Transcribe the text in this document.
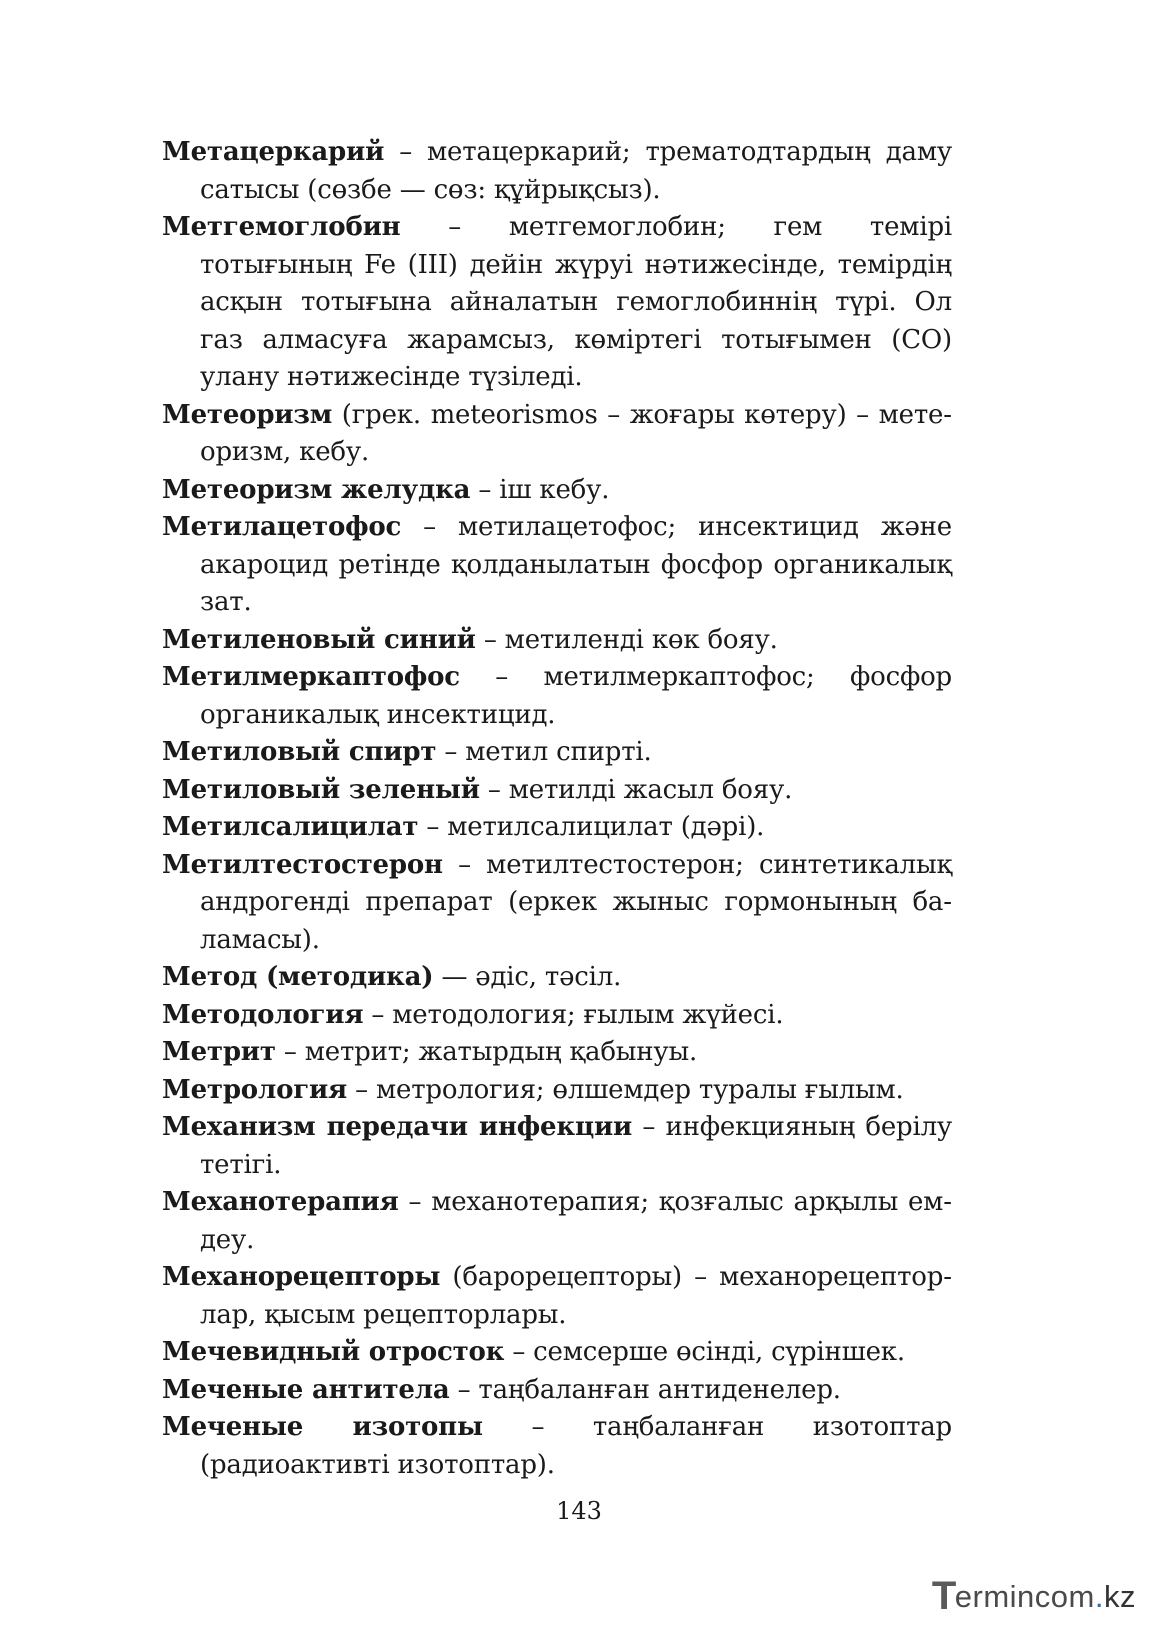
Метацеркарий – метацеркарий; трематодтардың даму сатысы (сөзбе — сөз: құйрықсыз).

Метгемоглобин – метгемоглобин; гем темірі тотығының Fe (III) дейін жүруі нәтижесінде, темірдің асқын тотығына айналатын гемоглобиннің түрі. Ол газ алмасуға жарамсыз, көміртегі тотығымен (СО) улану нәтижесінде түзіледі.

Метеоризм (грек. meteorismos – жоғары көтеру) – метеоризм, кебу.

Метеоризм желудка – іш кебу.

Метилацетофос – метилацетофос; инсектицид және акароцид ретінде қолданылатын фосфор органикалық зат.

Метиленовый синий – метиленді көк бояу.

Метилмеркаптофос – метилмеркаптофос; фосфор органикалық инсектицид.

Метиловый спирт – метил спирті.

Метиловый зеленый – метилді жасыл бояу.

Метилсалицилат – метилсалицилат (дәрі).

Метилтестостерон – метилтестостерон; синтетикалық андрогенді препарат (еркек жыныс гормонының баламасы).

Метод (методика) — әдіс, тәсіл.

Методология – методология; ғылым жүйесі.

Метрит – метрит; жатырдың қабынуы.

Метрология – метрология; өлшемдер туралы ғылым.

Механизм передачи инфекции – инфекцияның берілу тетігі.

Механотерапия – механотерапия; қозғалыс арқылы емдеу.

Механорецепторы (барорецепторы) – механорецепторлар, қысым рецепторлары.

Мечевидный отросток – семсерше өсінді, сүріншек.

Меченые антитела – таңбаланған антиденелер.

Меченые изотопы – таңбаланған изотоптар (радиоактивті изотоптар).

143
T
erminc o m . kz
